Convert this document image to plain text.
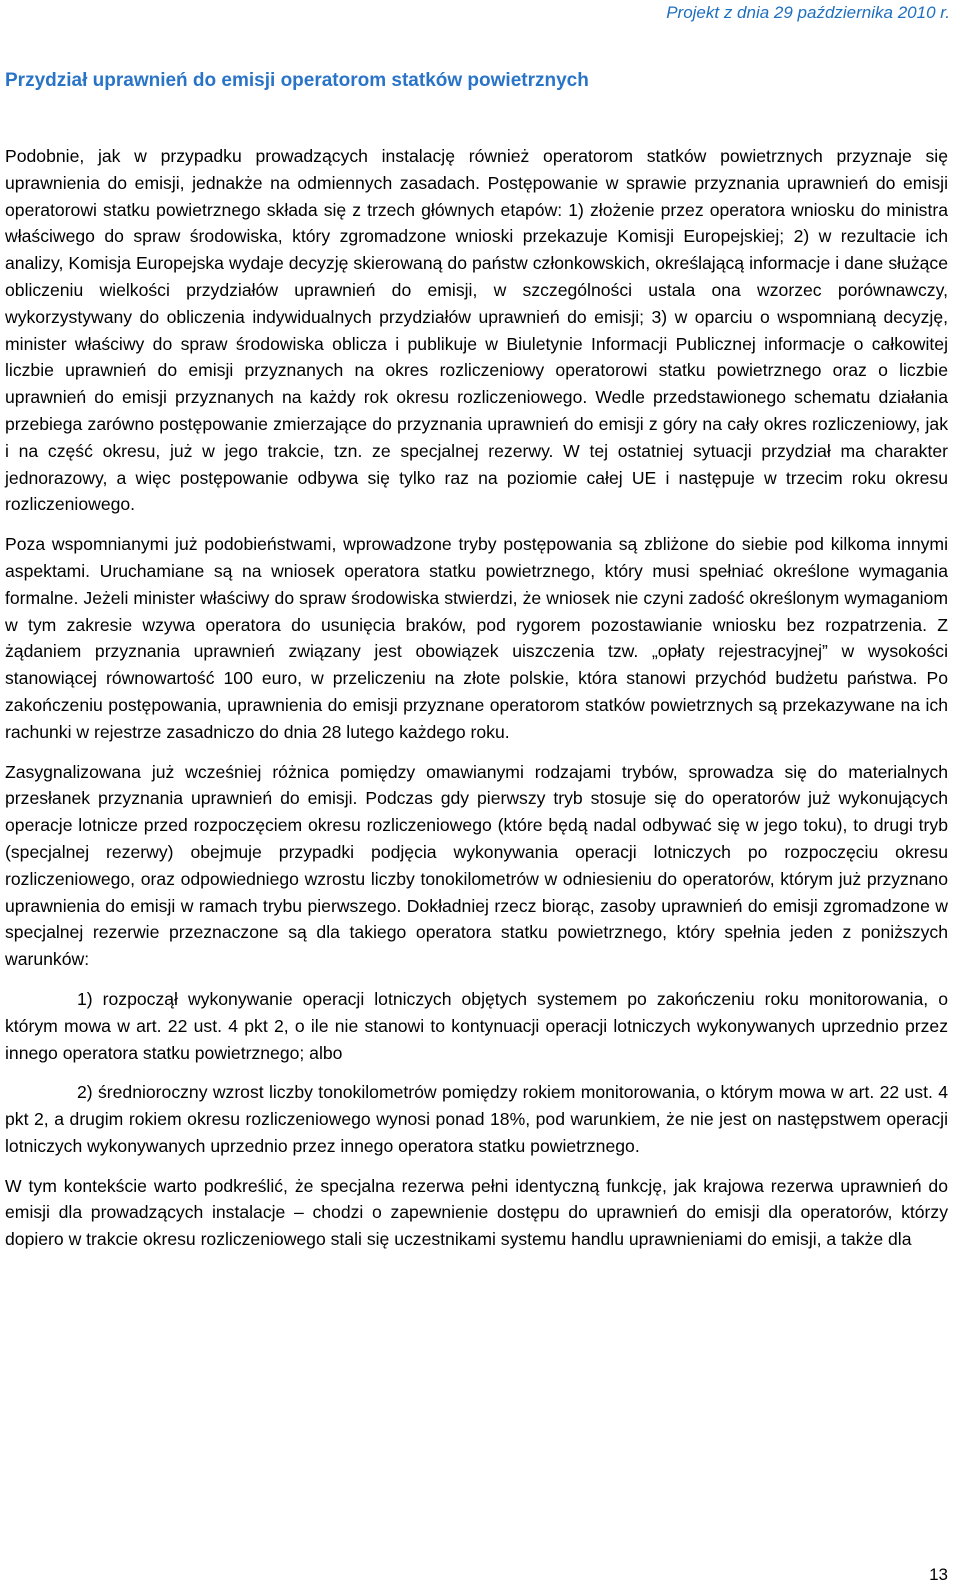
Projekt z dnia 29 października 2010 r.
Przydział uprawnień do emisji operatorom statków powietrznych

Podobnie, jak w przypadku prowadzących instalację również operatorom statków powietrznych przyznaje się uprawnienia do emisji, jednakże na odmiennych zasadach. Postępowanie w sprawie przyznania uprawnień do emisji operatorowi statku powietrznego składa się z trzech głównych etapów: 1) złożenie przez operatora wniosku do ministra właściwego do spraw środowiska, który zgromadzone wnioski przekazuje Komisji Europejskiej; 2) w rezultacie ich analizy, Komisja Europejska wydaje decyzję skierowaną do państw członkowskich, określającą informacje i dane służące obliczeniu wielkości przydziałów uprawnień do emisji, w szczególności ustala ona wzorzec porównawczy, wykorzystywany do obliczenia indywidualnych przydziałów uprawnień do emisji; 3) w oparciu o wspomnianą decyzję, minister właściwy do spraw środowiska oblicza i publikuje w Biuletynie Informacji Publicznej informacje o całkowitej liczbie uprawnień do emisji przyznanych na okres rozliczeniowy operatorowi statku powietrznego oraz o liczbie uprawnień do emisji przyznanych na każdy rok okresu rozliczeniowego. Wedle przedstawionego schematu działania przebiega zarówno postępowanie zmierzające do przyznania uprawnień do emisji z góry na cały okres rozliczeniowy, jak i na część okresu, już w jego trakcie, tzn. ze specjalnej rezerwy. W tej ostatniej sytuacji przydział ma charakter jednorazowy, a więc postępowanie odbywa się tylko raz na poziomie całej UE i następuje w trzecim roku okresu rozliczeniowego.

Poza wspomnianymi już podobieństwami, wprowadzone tryby postępowania są zbliżone do siebie pod kilkoma innymi aspektami. Uruchamiane są na wniosek operatora statku powietrznego, który musi spełniać określone wymagania formalne. Jeżeli minister właściwy do spraw środowiska stwierdzi, że wniosek nie czyni zadość określonym wymaganiom w tym zakresie wzywa operatora do usunięcia braków, pod rygorem pozostawianie wniosku bez rozpatrzenia. Z żądaniem przyznania uprawnień związany jest obowiązek uiszczenia tzw. „opłaty rejestracyjnej” w wysokości stanowiącej równowartość 100 euro, w przeliczeniu na złote polskie, która stanowi przychód budżetu państwa. Po zakończeniu postępowania, uprawnienia do emisji przyznane operatorom statków powietrznych są przekazywane na ich rachunki w rejestrze zasadniczo do dnia 28 lutego każdego roku.

Zasygnalizowana już wcześniej różnica pomiędzy omawianymi rodzajami trybów, sprowadza się do materialnych przesłanek przyznania uprawnień do emisji. Podczas gdy pierwszy tryb stosuje się do operatorów już wykonujących operacje lotnicze przed rozpoczęciem okresu rozliczeniowego (które będą nadal odbywać się w jego toku), to drugi tryb (specjalnej rezerwy) obejmuje przypadki podjęcia wykonywania operacji lotniczych po rozpoczęciu okresu rozliczeniowego, oraz odpowiedniego wzrostu liczby tonokilometrów w odniesieniu do operatorów, którym już przyznano uprawnienia do emisji w ramach trybu pierwszego. Dokładniej rzecz biorąc, zasoby uprawnień do emisji zgromadzone w specjalnej rezerwie przeznaczone są dla takiego operatora statku powietrznego, który spełnia jeden z poniższych warunków:

1) rozpoczął wykonywanie operacji lotniczych objętych systemem po zakończeniu roku monitorowania, o którym mowa w art. 22 ust. 4 pkt 2, o ile nie stanowi to kontynuacji operacji lotniczych wykonywanych uprzednio przez innego operatora statku powietrznego; albo

2) średnioroczny wzrost liczby tonokilometrów pomiędzy rokiem monitorowania, o którym mowa w art. 22 ust. 4 pkt 2, a drugim rokiem okresu rozliczeniowego wynosi ponad 18%, pod warunkiem, że nie jest on następstwem operacji lotniczych wykonywanych uprzednio przez innego operatora statku powietrznego.

W tym kontekście warto podkreślić, że specjalna rezerwa pełni identyczną funkcję, jak krajowa rezerwa uprawnień do emisji dla prowadzących instalacje – chodzi o zapewnienie dostępu do uprawnień do emisji dla operatorów, którzy dopiero w trakcie okresu rozliczeniowego stali się uczestnikami systemu handlu uprawnieniami do emisji, a także dla

13
